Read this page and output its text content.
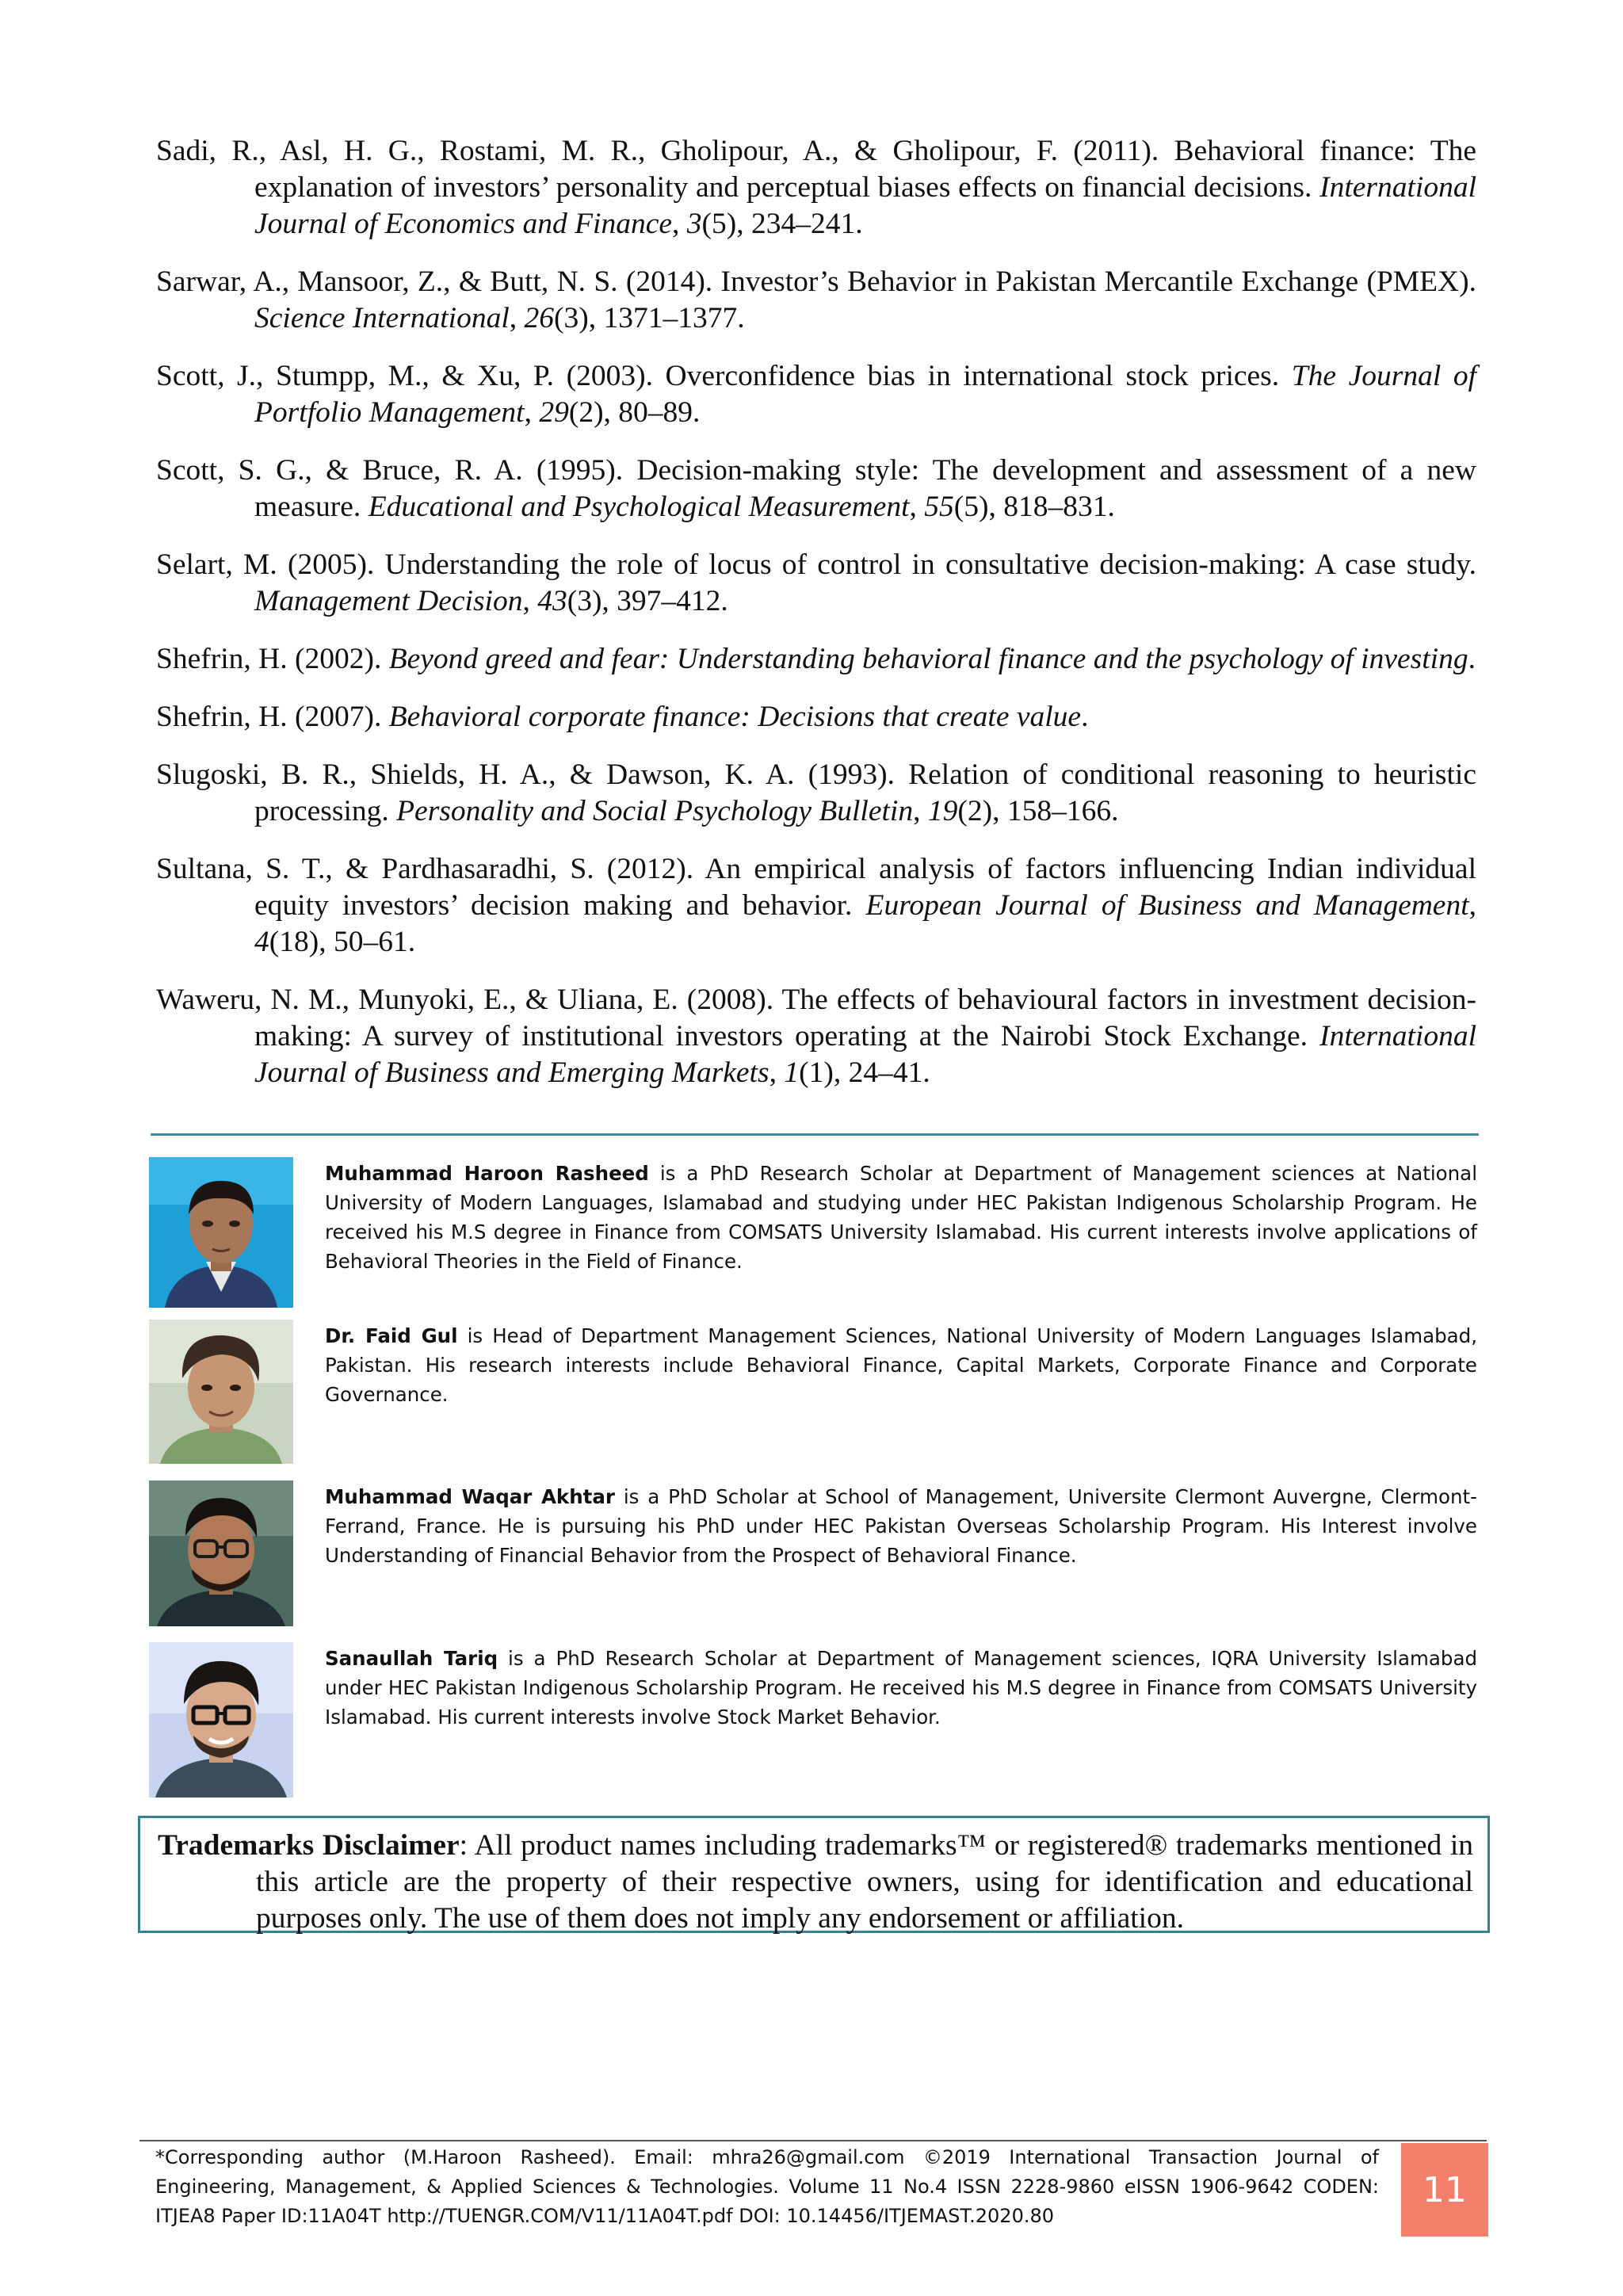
Sadi, R., Asl, H. G., Rostami, M. R., Gholipour, A., & Gholipour, F. (2011). Behavioral finance: The explanation of investors’ personality and perceptual biases effects on financial decisions. International Journal of Economics and Finance, 3(5), 234–241.

Sarwar, A., Mansoor, Z., & Butt, N. S. (2014). Investor’s Behavior in Pakistan Mercantile Exchange (PMEX). Science International, 26(3), 1371–1377.

Scott, J., Stumpp, M., & Xu, P. (2003). Overconfidence bias in international stock prices. The Journal of Portfolio Management, 29(2), 80–89.

Scott, S. G., & Bruce, R. A. (1995). Decision-making style: The development and assessment of a new measure. Educational and Psychological Measurement, 55(5), 818–831.

Selart, M. (2005). Understanding the role of locus of control in consultative decision-making: A case study. Management Decision, 43(3), 397–412.

Shefrin, H. (2002). Beyond greed and fear: Understanding behavioral finance and the psychology of investing.

Shefrin, H. (2007). Behavioral corporate finance: Decisions that create value.

Slugoski, B. R., Shields, H. A., & Dawson, K. A. (1993). Relation of conditional reasoning to heuristic processing. Personality and Social Psychology Bulletin, 19(2), 158–166.

Sultana, S. T., & Pardhasaradhi, S. (2012). An empirical analysis of factors influencing Indian individual equity investors’ decision making and behavior. European Journal of Business and Management, 4(18), 50–61.

Waweru, N. M., Munyoki, E., & Uliana, E. (2008). The effects of behavioural factors in investment decision-making: A survey of institutional investors operating at the Nairobi Stock Exchange. International Journal of Business and Emerging Markets, 1(1), 24–41.

Muhammad Haroon Rasheed is a PhD Research Scholar at Department of Management sciences at National University of Modern Languages, Islamabad and studying under HEC Pakistan Indigenous Scholarship Program. He received his M.S degree in Finance from COMSATS University Islamabad. His current interests involve applications of Behavioral Theories in the Field of Finance.

Dr. Faid Gul is Head of Department Management Sciences, National University of Modern Languages Islamabad, Pakistan. His research interests include Behavioral Finance, Capital Markets, Corporate Finance and Corporate Governance.

Muhammad Waqar Akhtar is a PhD Scholar at School of Management, Universite Clermont Auvergne, Clermont-Ferrand, France. He is pursuing his PhD under HEC Pakistan Overseas Scholarship Program. His Interest involve Understanding of Financial Behavior from the Prospect of Behavioral Finance.

Sanaullah Tariq is a PhD Research Scholar at Department of Management sciences, IQRA University Islamabad under HEC Pakistan Indigenous Scholarship Program. He received his M.S degree in Finance from COMSATS University Islamabad. His current interests involve Stock Market Behavior.

Trademarks Disclaimer: All product names including trademarks™ or registered® trademarks mentioned in this article are the property of their respective owners, using for identification and educational purposes only. The use of them does not imply any endorsement or affiliation.

*Corresponding author (M.Haroon Rasheed). Email: mhra26@gmail.com ©2019 International Transaction Journal of Engineering, Management, & Applied Sciences & Technologies. Volume 11 No.4 ISSN 2228-9860 eISSN 1906-9642 CODEN: ITJEA8 Paper ID:11A04T http://TUENGR.COM/V11/11A04T.pdf DOI: 10.14456/ITJEMAST.2020.80

11
